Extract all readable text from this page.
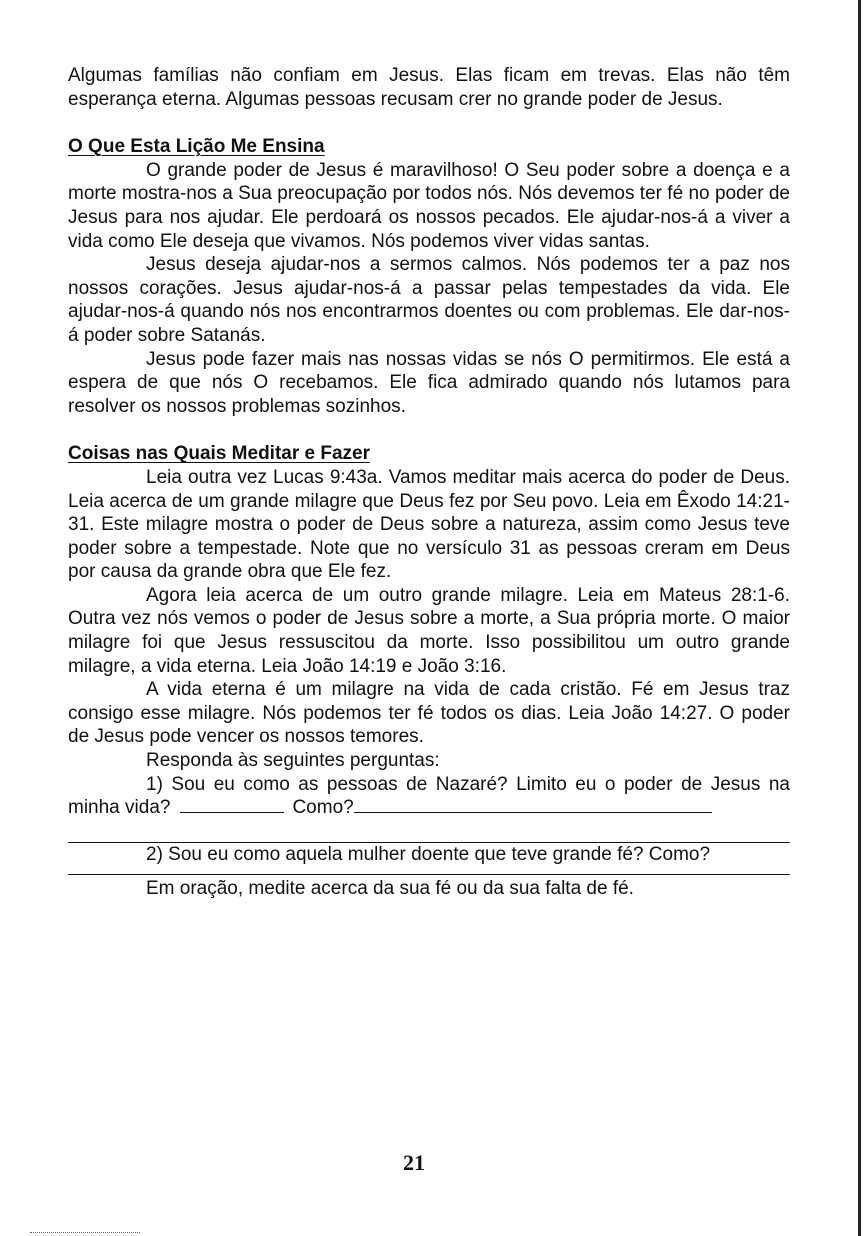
Algumas famílias não confiam em Jesus. Elas ficam em trevas. Elas não têm esperança eterna. Algumas pessoas recusam crer no grande poder de Jesus.

O Que Esta Lição Me Ensina

O grande poder de Jesus é maravilhoso! O Seu poder sobre a doença e a morte mostra-nos a Sua preocupação por todos nós. Nós devemos ter fé no poder de Jesus para nos ajudar. Ele perdoará os nossos pecados. Ele ajudar-nos-á a viver a vida como Ele deseja que vivamos. Nós podemos viver vidas santas.

Jesus deseja ajudar-nos a sermos calmos. Nós podemos ter a paz nos nossos corações. Jesus ajudar-nos-á a passar pelas tempestades da vida. Ele ajudar-nos-á quando nós nos encontrarmos doentes ou com problemas. Ele dar-nos-á poder sobre Satanás.

Jesus pode fazer mais nas nossas vidas se nós O permitirmos. Ele está a espera de que nós O recebamos. Ele fica admirado quando nós lutamos para resolver os nossos problemas sozinhos.

Coisas nas Quais Meditar e Fazer

Leia outra vez Lucas 9:43a. Vamos meditar mais acerca do poder de Deus. Leia acerca de um grande milagre que Deus fez por Seu povo. Leia em Êxodo 14:21-31. Este milagre mostra o poder de Deus sobre a natureza, assim como Jesus teve poder sobre a tempestade. Note que no versículo 31 as pessoas creram em Deus por causa da grande obra que Ele fez.

Agora leia acerca de um outro grande milagre. Leia em Mateus 28:1-6. Outra vez nós vemos o poder de Jesus sobre a morte, a Sua própria morte. O maior milagre foi que Jesus ressuscitou da morte. Isso possibilitou um outro grande milagre, a vida eterna. Leia João 14:19 e João 3:16.

A vida eterna é um milagre na vida de cada cristão. Fé em Jesus traz consigo esse milagre. Nós podemos ter fé todos os dias. Leia João 14:27. O poder de Jesus pode vencer os nossos temores.

Responda às seguintes perguntas:

1) Sou eu como as pessoas de Nazaré? Limito eu o poder de Jesus na minha vida?	Como?

2) Sou eu como aquela mulher doente que teve grande fé? Como?

Em oração, medite acerca da sua fé ou da sua falta de fé.

21
